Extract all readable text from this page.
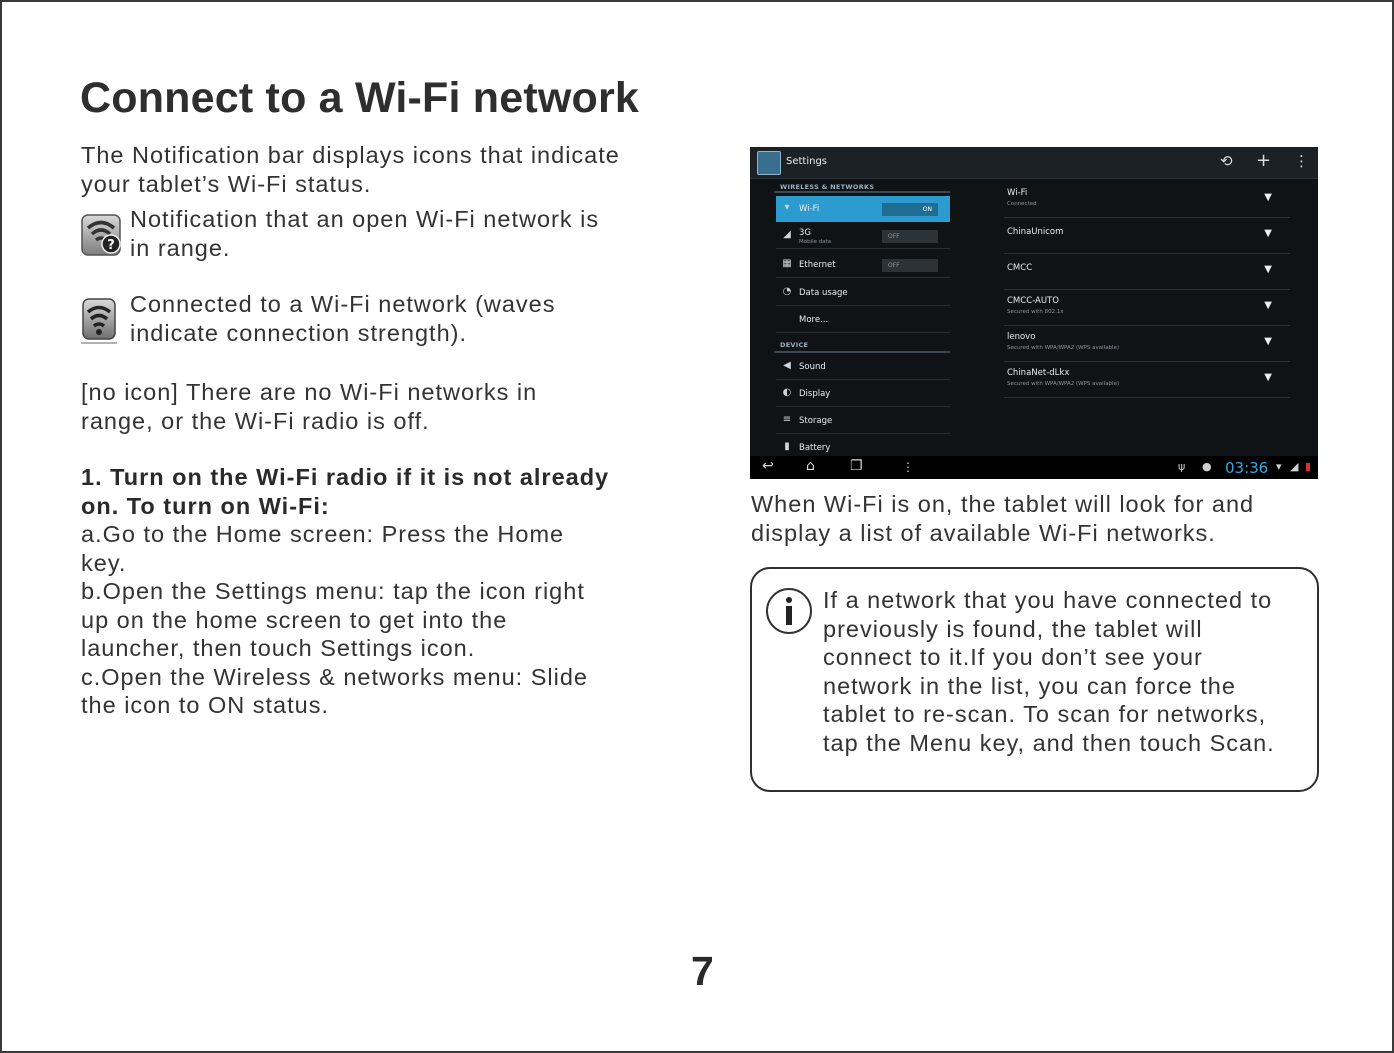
Connect to a Wi-Fi network
The Notification bar displays icons that indicate
your tablet’s Wi-Fi status.
?
Notification that an open Wi-Fi network is
in range.
Connected to a Wi-Fi network (waves
indicate connection strength).
[no icon] There are no Wi-Fi networks in
range, or the Wi-Fi radio is off.
1. Turn on the Wi-Fi radio if it is not already
on. To turn on Wi-Fi:
a.Go to the Home screen: Press the Home
key.
b.Open the Settings menu: tap the icon right
up on the home screen to get into the
launcher, then touch Settings icon.
c.Open the Wireless & networks menu: Slide
the icon to ON status.
Settings	⟲ + ⋮
WIRELESS & NETWORKS
▾	Wi-Fi	ON
◢ 3G
Mobile data
OFF
▦ Ethernet	OFF
◔ Data usage
More...
DEVICE
◀ Sound
◐ Display
≡ Storage
▮	Battery
Wi-Fi
Connected
▼
ChinaUnicom	▼
CMCC	▼
CMCC-AUTO
Secured with 802.1x
▼
lenovo
Secured with WPA/WPA2 (WPS available)
▼
ChinaNet-dLkx
Secured with WPA/WPA2 (WPS available)
▼
↩ ⌂	❐	⋮	ψ ● 03:36 ▾ ◢ ▮
When Wi-Fi is on, the tablet will look for and
display a list of available Wi-Fi networks.
If a network that you have connected to
previously is found, the tablet will
connect to it.If you don’t see your
network in the list, you can force the
tablet to re-scan. To scan for networks,
tap the Menu key, and then touch Scan.
7
